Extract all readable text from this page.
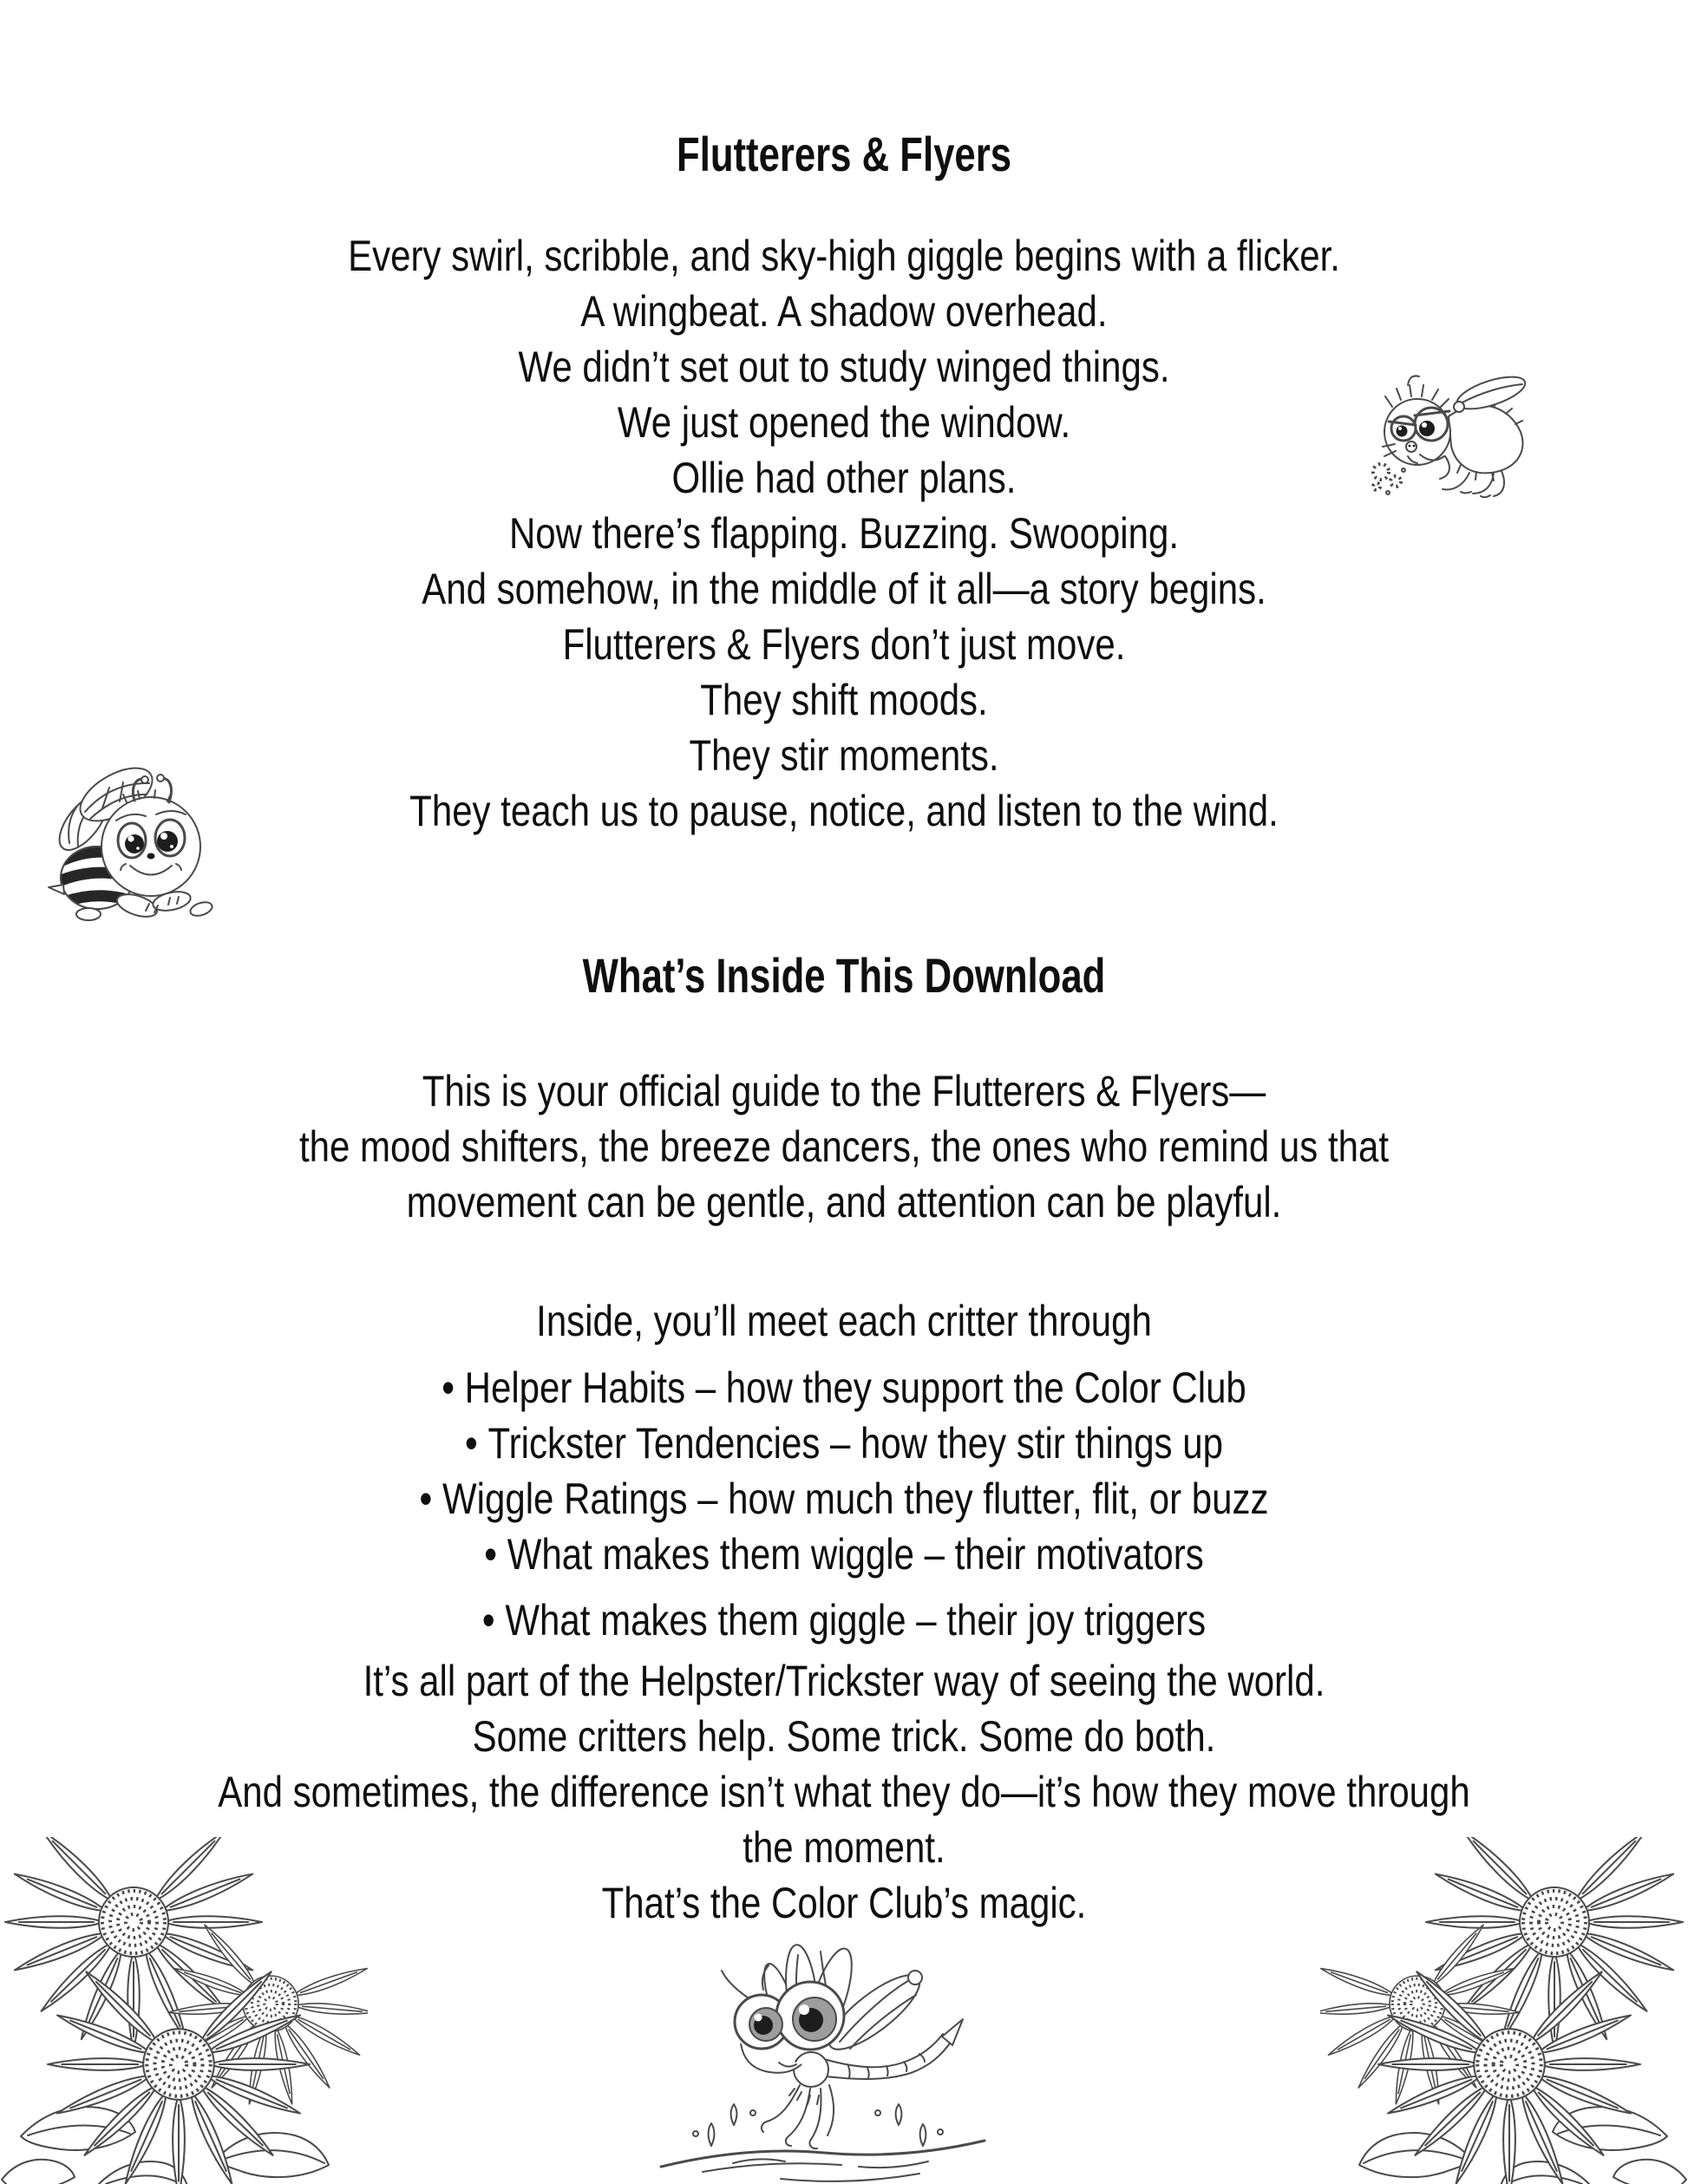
Flutterers & Flyers
Every swirl, scribble, and sky-high giggle begins with a flicker.
A wingbeat. A shadow overhead.
We didn’t set out to study winged things.
We just opened the window.
Ollie had other plans.
Now there’s flapping. Buzzing. Swooping.
And somehow, in the middle of it all—a story begins.
Flutterers & Flyers don’t just move.
They shift moods.
They stir moments.
They teach us to pause, notice, and listen to the wind.
What’s Inside This Download
This is your official guide to the Flutterers & Flyers—
the mood shifters, the breeze dancers, the ones who remind us that
movement can be gentle, and attention can be playful.
Inside, you’ll meet each critter through
• Helper Habits – how they support the Color Club
• Trickster Tendencies – how they stir things up
• Wiggle Ratings – how much they flutter, flit, or buzz
• What makes them wiggle – their motivators
• What makes them giggle – their joy triggers
It’s all part of the Helpster/Trickster way of seeing the world.
Some critters help. Some trick. Some do both.
And sometimes, the difference isn’t what they do—it’s how they move through
the moment.
That’s the Color Club’s magic.
